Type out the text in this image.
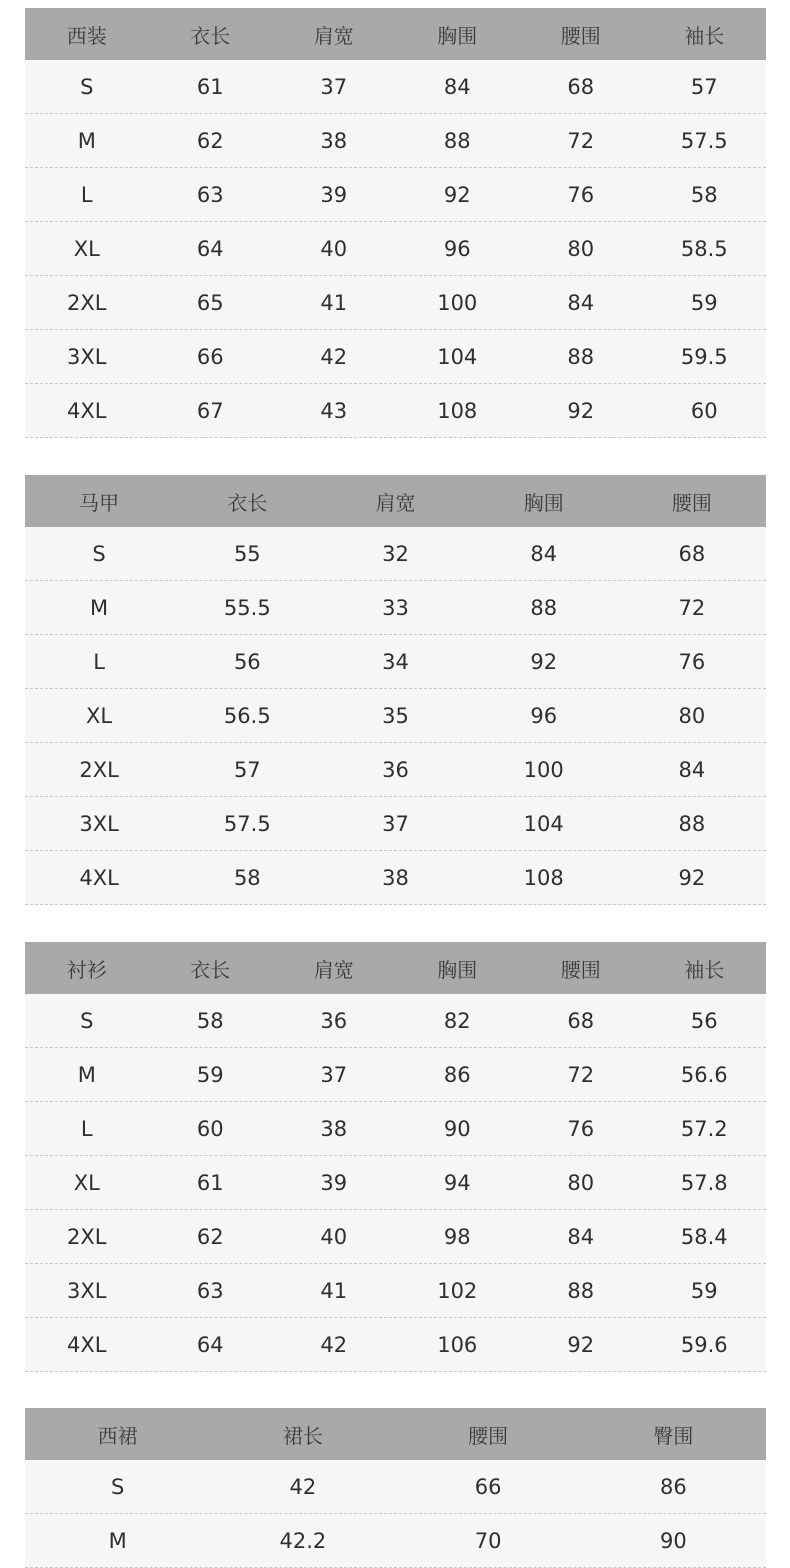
西装	衣长	肩宽	胸围	腰围	袖长
S	61	37	84	68	57
M	62	38	88	72	57.5
L	63	39	92	76	58
XL	64	40	96	80	58.5
2XL	65	41	100	84	59
3XL	66	42	104	88	59.5
4XL	67	43	108	92	60
马甲	衣长	肩宽	胸围	腰围
S	55	32	84	68
M	55.5	33	88	72
L	56	34	92	76
XL	56.5	35	96	80
2XL	57	36	100	84
3XL	57.5	37	104	88
4XL	58	38	108	92
衬衫	衣长	肩宽	胸围	腰围	袖长
S	58	36	82	68	56
M	59	37	86	72	56.6
L	60	38	90	76	57.2
XL	61	39	94	80	57.8
2XL	62	40	98	84	58.4
3XL	63	41	102	88	59
4XL	64	42	106	92	59.6
西裙	裙长	腰围	臀围
S	42	66	86
M	42.2	70	90
